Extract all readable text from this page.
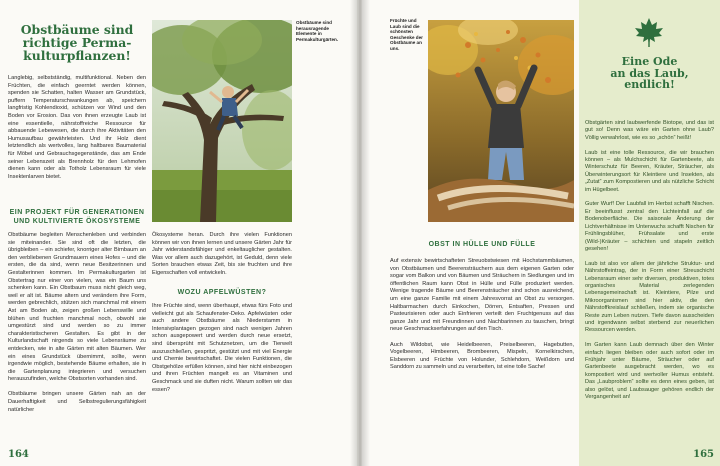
Obstbäume sind
richtige Perma-
kulturpflanzen!

Langlebig, selbstständig, multifunktional. Neben den Früchten, die einfach geerntet werden können, spenden sie Schatten, halten Wasser am Grundstück, puffern Temperaturschwankungen ab, speichern langfristig Kohlendioxid, schützen vor Wind und den Boden vor Erosion. Das von ihnen erzeugte Laub ist eine essentielle, nährstoffreiche Ressource für abbauende Lebewesen, die durch ihre Aktivitäten den Humusaufbau gewährleisten. Und ihr Holz dient letztendlich als wertvolles, lang haltbares Baumaterial für Möbel und Gebrauchsgegenstände, das am Ende seiner Lebenszeit als Brennholz für den Lehmofen dienen kann oder als Totholz Lebensraum für viele Insektenlarven bietet.

Obstbäume sind herausragende Elemente in Permakulturgärten.
EIN PROJEKT FÜR GENERATIONEN UND KULTIVIERTE ÖKOSYSTEME

Obstbäume begleiten Menschenleben und verbinden sie miteinander. Sie sind oft die letzten, die übrigbleiben – ein schiefer, knorriger alter Birnbaum an den verbliebenen Grundmauern eines Hofes – und die ersten, die da sind, wenn neue Besitzerinnen und Gestalterinnen kommen. Im Permakulturgarten ist Obstertrag nur einer von vielen, was ein Baum uns schenken kann. Ein Obstbaum muss nicht gleich weg, weil er alt ist. Bäume altern und verändern ihre Form, werden gebrechlich, stützen sich manchmal mit einem Ast am Boden ab, zeigen großen Lebenswille und blühen und fruchten manchmal noch, obwohl sie umgestürzt sind und werden so zu immer charakteristischeren Gestalten. Es gibt in der Kulturlandschaft nirgends so viele Lebensräume zu entdecken, wie in alte Gärten mit alten Bäumen. Wer ein eines Grundstück übernimmt, sollte, wenn irgendwie möglich, bestehende Bäume erhalten, sie in die Gartenplanung integrieren und versuchen herauszufinden, welche Obstsorten vorhanden sind.

Obstbäume bringen unsere Gärten nah an der Dauerhaftigkeit und Selbstregulierungsfähigkeit natürlicher

Ökosysteme heran. Durch ihre vielen Funktionen können wir von ihnen lernen und unsere Gärten Jahr für Jahr widerstandsfähiger und enkeltauglicher gestalten. Was vor allem auch dazugehört, ist Geduld, denn viele Sorten brauchen etwas Zeit, bis sie fruchten und ihre Eigenschaften voll entwickeln.

WOZU APFELWÜSTEN?

Ihre Früchte sind, wenn überhaupt, etwas fürs Foto und vielleicht gut als Schaufenster-Deko. Apfelwüsten oder auch andere Obstbäume als Niederstamm in Intensivplantagen gezogen sind nach wenigen Jahren schon ausgepowert und werden durch neue ersetzt, sind übersprüht mit Schutznetzen, um die Tierwelt auszuschließen, gespritzt, gestützt und mit viel Energie und Chemie bewirtschaftet. Die vielen Funktionen, die Obstgehölze erfüllen können, sind hier nicht einbezogen und ihren Früchten mangelt es an Vitaminen und Geschmack und sie duften nicht. Warum sollten wir das essen?

164
Früchte und Laub sind die schönsten Geschenke der Obstbäume an uns.
OBST IN HÜLLE UND FÜLLE

Auf extensiv bewirtschafteten Streuobstwiesen mit Hochstammbäumen, von Obstbäumen und Beerensträuchern aus dem eigenen Garten oder sogar vom Balkon und von Bäumen und Sträuchern in Siedlungen und im öffentlichen Raum kann Obst in Hülle und Fülle produziert werden. Wenige tragende Bäume und Beerensträucher sind schon ausreichend, um eine ganze Familie mit einem Jahresvorrat an Obst zu versorgen. Haltbarmachen durch Einkochen, Dörren, Entsaften, Pressen und Pasteurisieren oder auch Einfrieren verteilt den Fruchtgenuss auf das ganze Jahr und mit Freundinnen und Nachbarinnen zu tauschen, bringt neue Geschmackserfahrungen auf den Tisch.

Auch Wildobst, wie Heidelbeeren, Preiselbeeren, Hagebutten, Vogelbeeren, Himbeeren, Brombeeren, Mispeln, Kornelkirschen, Elsbeeren und Früchte von Holunder, Schlehdorn, Weißdorn und Sanddorn zu sammeln und zu verarbeiten, ist eine tolle Sache!

Eine Ode
an das Laub,
endlich!

Obstgärten sind laubwerfende Biotope, und das ist gut so! Denn was wäre ein Garten ohne Laub? Völlig verwahrlost, wie es so „schön“ heißt!

Laub ist eine tolle Ressource, die wir brauchen können – als Mulchschicht für Gartenbeete, als Winterschutz für Beeren, Kräuter, Sträucher, als Überwinterungsort für Kleintiere und Insekten, als „Zutat“ zum Kompostieren und als nützliche Schicht im Hügelbeet.

Guter Wurf! Der Laubfall im Herbst schafft Nischen. Er beeinflusst zentral den Lichteinfall auf die Bodenoberfläche. Die saisonale Änderung der Lichtverhältnisse im Unterwuchs schafft Nischen für Frühlingsblüher, Frühsalate und erste (Wild-)Kräuter – schichten und stapeln zeitlich gesehen!

Laub ist also vor allem der jährliche Struktur- und Nährstoffeintrag, der in Form einer Streuschicht Lebensraum einer sehr diversen, produktiven, totes organisches Material zerlegenden Lebensgemeinschaft ist. Kleintiere, Pilze und Mikroorganismen sind hier aktiv, die den Nährstoffkreislauf schließen, indem sie organische Reste zum Leben nutzen. Tiefe davon ausscheiden und irgendwann selbst sterbend zur neuerlichen Ressourcen werden.

Im Garten kann Laub demnach über den Winter einfach liegen bleiben oder auch sofort oder im Frühjahr unter Bäume, Sträucher oder auf Gartenbeete ausgebracht werden, wo es kompostiert wird und wertvoller Humus entsteht. Das „Laubproblem“ sollte es denn eines geben, ist also gelöst, und Laubsauger gehören endlich der Vergangenheit an!

165
